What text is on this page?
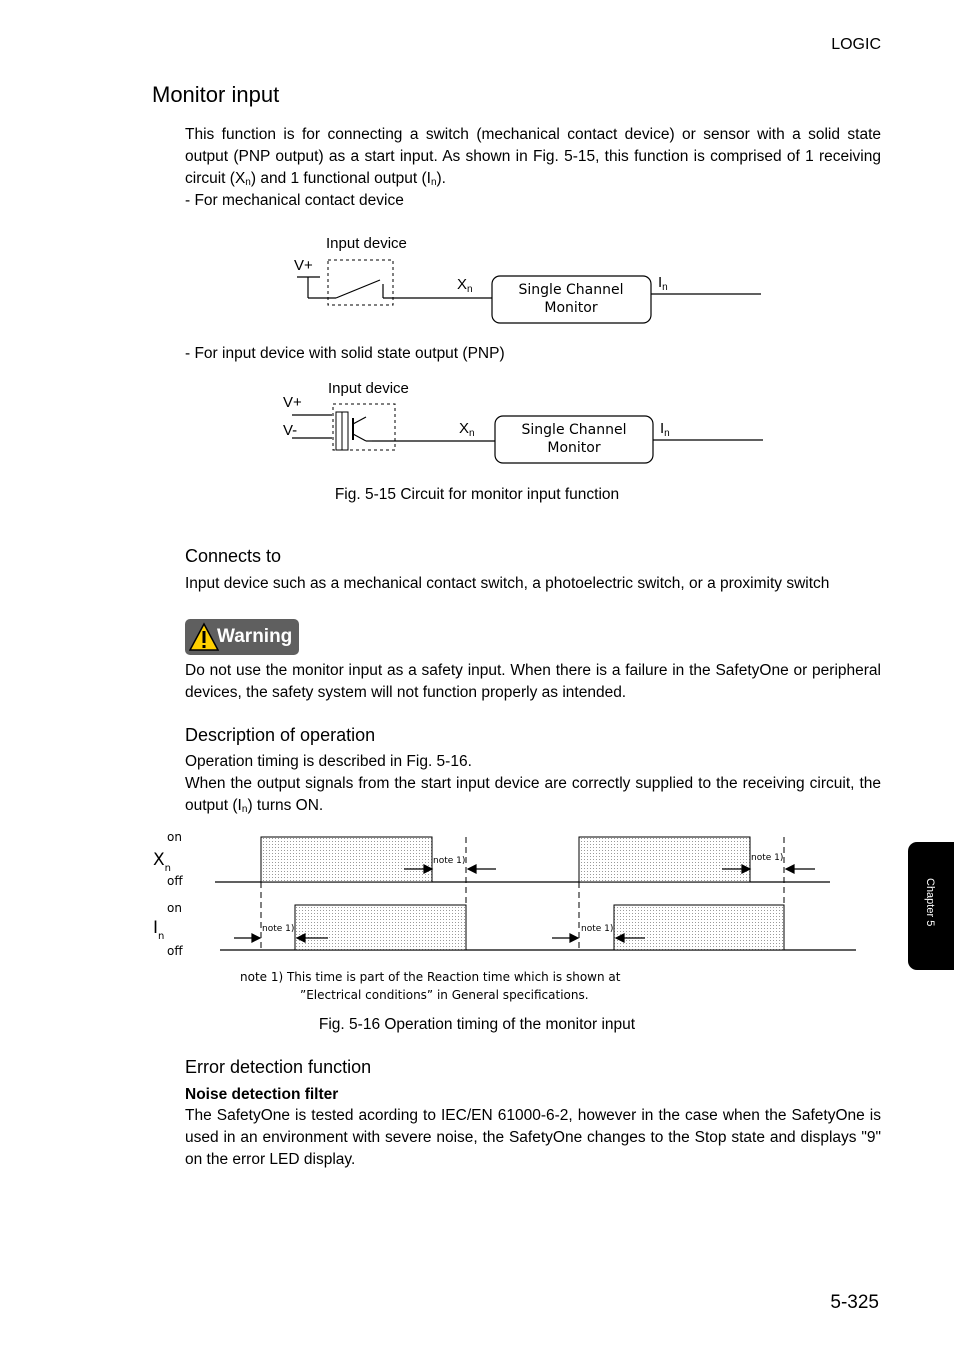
LOGIC
Monitor input
This function is for connecting a switch (mechanical contact device) or sensor with a solid state output (PNP output) as a start input. As shown in Fig. 5-15, this function is comprised of 1 receiving circuit $(X_n)$ and 1 functional output $(I_n)$.
- For mechanical contact device
Input device
V+
$X_n$	Single Channel
Monitor
$I_n$
- For input device with solid state output (PNP)
Input device
V+
V-	$X_n$	Single Channel
Monitor
$I_n$
Fig. 5-15 Circuit for monitor input function
Connects to
Input device such as a mechanical contact switch, a photoelectric switch, or a proximity switch
Warning
Do not use the monitor input as a safety input. When there is a failure in the SafetyOne or peripheral devices, the safety system will not function properly as intended.
Description of operation
Operation timing is described in Fig. 5-16.
When the output signals from the start input device are correctly supplied to the receiving circuit, the output $(I_n)$ turns ON.
on
$X_n$
off
on
$I_n$
off
note 1)	note 1)
note 1)	note 1)
note 1) This time is part of the Reaction time which is shown at
”Electrical conditions” in General specifications.
Fig. 5-16 Operation timing of the monitor input
Error detection function
Noise detection filter
The SafetyOne is tested acording to IEC/EN 61000-6-2, however in the case when the SafetyOne is used in an environment with severe noise, the SafetyOne changes to the Stop state and displays "9" on the error LED display.
Chapter 5
5-325
